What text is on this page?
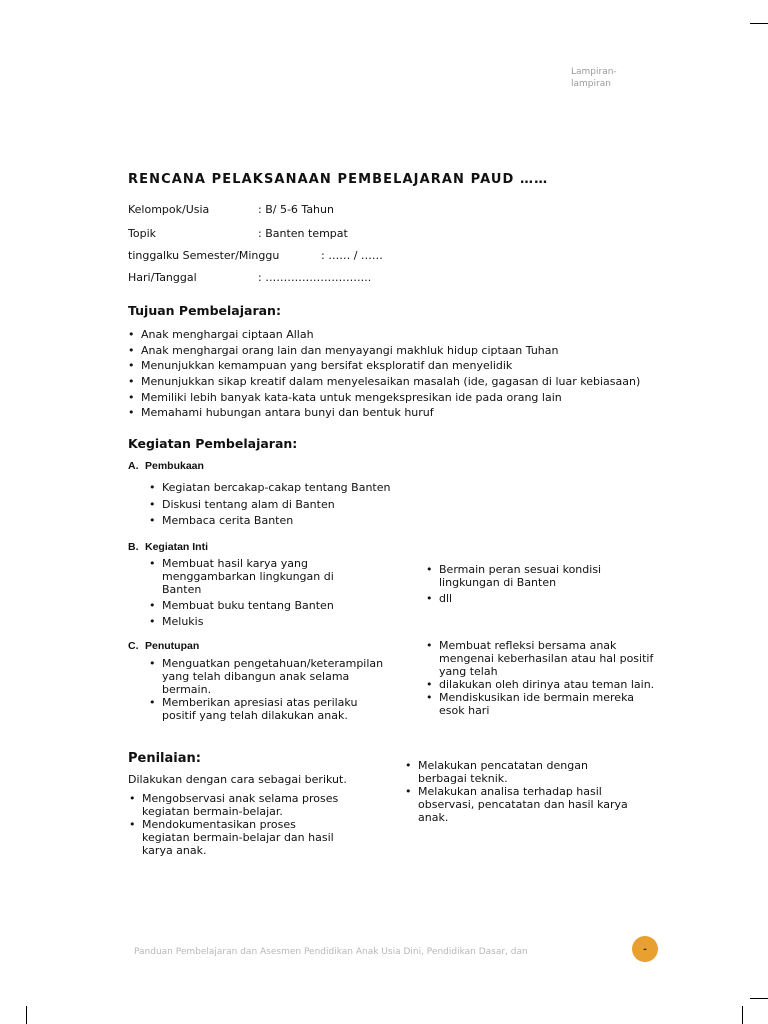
Lampiran-lampiran
RENCANA PELAKSANAAN PEMBELAJARAN PAUD ……
Kelompok/Usia	: B/ 5-6 Tahun
Topik	: Banten tempat
tinggalku Semester/Minggu	: …… / ……
Hari/Tanggal	: ………………………..
Tujuan Pembelajaran:
• Anak menghargai ciptaan Allah
• Anak menghargai orang lain dan menyayangi makhluk hidup ciptaan Tuhan
• Menunjukkan kemampuan yang bersifat eksploratif dan menyelidik
• Menunjukkan sikap kreatif dalam menyelesaikan masalah (ide, gagasan di luar kebiasaan)
• Memiliki lebih banyak kata-kata untuk mengekspresikan ide pada orang lain
• Memahami hubungan antara bunyi dan bentuk huruf
Kegiatan Pembelajaran:
A. Pembukaan
• Kegiatan bercakap-cakap tentang Banten
• Diskusi tentang alam di Banten
• Membaca cerita Banten
B. Kegiatan Inti
• Membuat hasil karya yang menggambarkan lingkungan di Banten
• Membuat buku tentang Banten
• Melukis
• Bermain peran sesuai kondisi lingkungan di Banten
• dll
C. Penutupan
• Menguatkan pengetahuan/keterampilan yang telah dibangun anak selama bermain.
• Memberikan apresiasi atas perilaku positif yang telah dilakukan anak.
• Membuat refleksi bersama anak mengenai keberhasilan atau hal positif yang telah
• dilakukan oleh dirinya atau teman lain.
• Mendiskusikan ide bermain mereka esok hari
Penilaian:
Dilakukan dengan cara sebagai berikut.
• Mengobservasi anak selama proses kegiatan bermain-belajar.
• Mendokumentasikan proses kegiatan bermain-belajar dan hasil karya anak.
• Melakukan pencatatan dengan berbagai teknik.
• Melakukan analisa terhadap hasil observasi, pencatatan dan hasil karya anak.
Panduan Pembelajaran dan Asesmen Pendidikan Anak Usia Dini, Pendidikan Dasar, dan	-
